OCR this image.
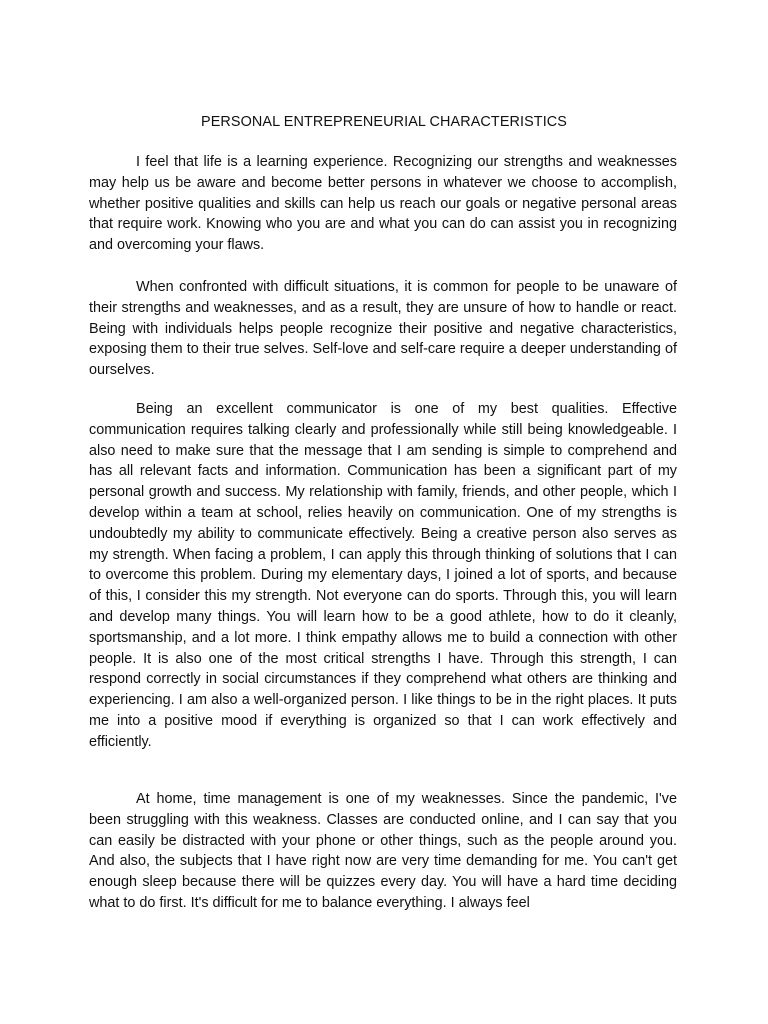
PERSONAL ENTREPRENEURIAL CHARACTERISTICS

I feel that life is a learning experience. Recognizing our strengths and weaknesses may help us be aware and become better persons in whatever we choose to accomplish, whether positive qualities and skills can help us reach our goals or negative personal areas that require work. Knowing who you are and what you can do can assist you in recognizing and overcoming your flaws.

When confronted with difficult situations, it is common for people to be unaware of their strengths and weaknesses, and as a result, they are unsure of how to handle or react. Being with individuals helps people recognize their positive and negative characteristics, exposing them to their true selves. Self-love and self-care require a deeper understanding of ourselves.

Being an excellent communicator is one of my best qualities. Effective communication requires talking clearly and professionally while still being knowledgeable. I also need to make sure that the message that I am sending is simple to comprehend and has all relevant facts and information. Communication has been a significant part of my personal growth and success. My relationship with family, friends, and other people, which I develop within a team at school, relies heavily on communication. One of my strengths is undoubtedly my ability to communicate effectively. Being a creative person also serves as my strength. When facing a problem, I can apply this through thinking of solutions that I can to overcome this problem. During my elementary days, I joined a lot of sports, and because of this, I consider this my strength. Not everyone can do sports. Through this, you will learn and develop many things. You will learn how to be a good athlete, how to do it cleanly, sportsmanship, and a lot more. I think empathy allows me to build a connection with other people. It is also one of the most critical strengths I have. Through this strength, I can respond correctly in social circumstances if they comprehend what others are thinking and experiencing. I am also a well-organized person. I like things to be in the right places. It puts me into a positive mood if everything is organized so that I can work effectively and efficiently.

At home, time management is one of my weaknesses. Since the pandemic, I've been struggling with this weakness. Classes are conducted online, and I can say that you can easily be distracted with your phone or other things, such as the people around you. And also, the subjects that I have right now are very time demanding for me. You can't get enough sleep because there will be quizzes every day. You will have a hard time deciding what to do first. It's difficult for me to balance everything. I always feel
